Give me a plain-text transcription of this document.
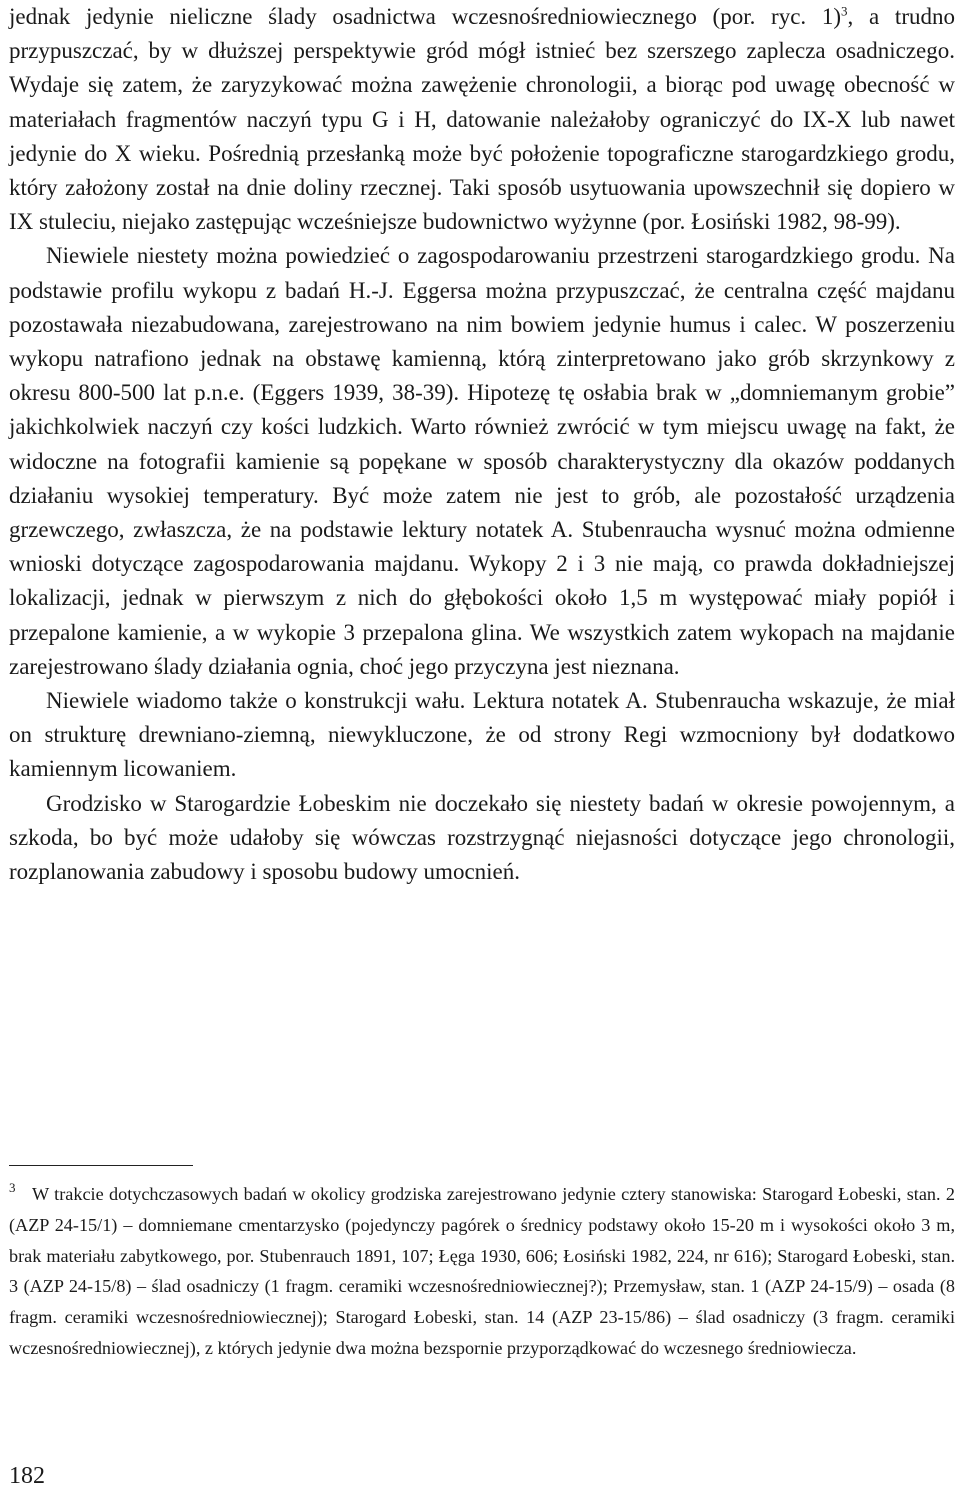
jednak jedynie nieliczne ślady osadnictwa wczesnośredniowiecznego (por. ryc. 1)$^3$, a trudno przypuszczać, by w dłuższej perspektywie gród mógł istnieć bez szerszego zaplecza osadniczego. Wydaje się zatem, że zaryzykować można zawężenie chronologii, a biorąc pod uwagę obecność w materiałach fragmentów naczyń typu G i H, datowanie należałoby ograniczyć do IX-X lub nawet jedynie do X wieku. Pośrednią przesłanką może być położenie topograficzne starogardzkiego grodu, który założony został na dnie doliny rzecznej. Taki sposób usytuowania upowszechnił się dopiero w IX stuleciu, niejako zastępując wcześniejsze budownictwo wyżynne (por. Łosiński 1982, 98-99).

Niewiele niestety można powiedzieć o zagospodarowaniu przestrzeni starogardzkiego grodu. Na podstawie profilu wykopu z badań H.-J. Eggersa można przypuszczać, że centralna część majdanu pozostawała niezabudowana, zarejestrowano na nim bowiem jedynie humus i calec. W poszerzeniu wykopu natrafiono jednak na obstawę kamienną, którą zinterpretowano jako grób skrzynkowy z okresu 800-500 lat p.n.e. (Eggers 1939, 38-39). Hipotezę tę osłabia brak w „domniemanym grobie” jakichkolwiek naczyń czy kości ludzkich. Warto również zwrócić w tym miejscu uwagę na fakt, że widoczne na fotografii kamienie są popękane w sposób charakterystyczny dla okazów poddanych działaniu wysokiej temperatury. Być może zatem nie jest to grób, ale pozostałość urządzenia grzewczego, zwłaszcza, że na podstawie lektury notatek A. Stubenraucha wysnuć można odmienne wnioski dotyczące zagospodarowania majdanu. Wykopy 2 i 3 nie mają, co prawda dokładniejszej lokalizacji, jednak w pierwszym z nich do głębokości około 1,5 m występować miały popiół i przepalone kamienie, a w wykopie 3 przepalona glina. We wszystkich zatem wykopach na majdanie zarejestrowano ślady działania ognia, choć jego przyczyna jest nieznana.

Niewiele wiadomo także o konstrukcji wału. Lektura notatek A. Stubenraucha wskazuje, że miał on strukturę drewniano-ziemną, niewykluczone, że od strony Regi wzmocniony był dodatkowo kamiennym licowaniem.

Grodzisko w Starogardzie Łobeskim nie doczekało się niestety badań w okresie powojennym, a szkoda, bo być może udałoby się wówczas rozstrzygnąć niejasności dotyczące jego chronologii, rozplanowania zabudowy i sposobu budowy umocnień.

3 W trakcie dotychczasowych badań w okolicy grodziska zarejestrowano jedynie cztery stanowiska: Starogard Łobeski, stan. 2 (AZP 24-15/1) – domniemane cmentarzysko (pojedynczy pagórek o średnicy podstawy około 15-20 m i wysokości około 3 m, brak materiału zabytkowego, por. Stubenrauch 1891, 107; Łęga 1930, 606; Łosiński 1982, 224, nr 616); Starogard Łobeski, stan. 3 (AZP 24-15/8) – ślad osadniczy (1 fragm. ceramiki wczesnośredniowiecznej?); Przemysław, stan. 1 (AZP 24-15/9) – osada (8 fragm. ceramiki wczesnośredniowiecznej); Starogard Łobeski, stan. 14 (AZP 23-15/86) – ślad osadniczy (3 fragm. ceramiki wczesnośredniowiecznej), z których jedynie dwa można bezspornie przyporządkować do wczesnego średniowiecza.
182
